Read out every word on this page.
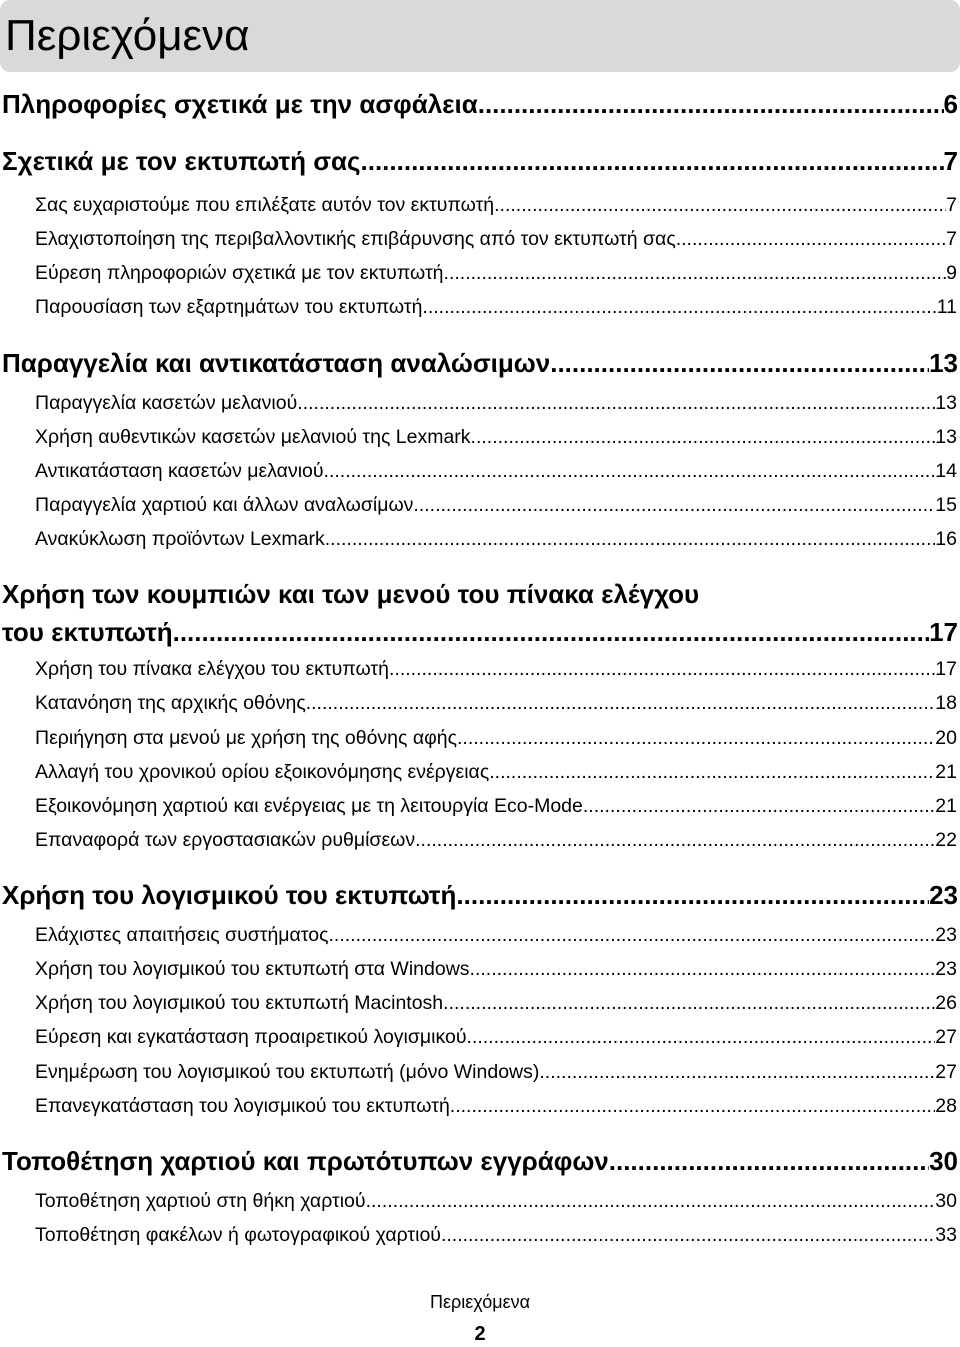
Περιεχόμενα
Πληροφορίες σχετικά με την ασφάλεια .....	6
Σχετικά με τον εκτυπωτή σας .....	7
Σας ευχαριστούμε που επιλέξατε αυτόν τον εκτυπωτή .....	7
Ελαχιστοποίηση της περιβαλλοντικής επιβάρυνσης από τον εκτυπωτή σας .....	7
Εύρεση πληροφοριών σχετικά με τον εκτυπωτή .....	9
Παρουσίαση των εξαρτημάτων του εκτυπωτή .....	11
Παραγγελία και αντικατάσταση αναλώσιμων .....	13
Παραγγελία κασετών μελανιού .....	13
Χρήση αυθεντικών κασετών μελανιού της Lexmark .....	13
Αντικατάσταση κασετών μελανιού .....	14
Παραγγελία χαρτιού και άλλων αναλωσίμων .....	15
Ανακύκλωση προϊόντων Lexmark .....	16
Χρήση των κουμπιών και των μενού του πίνακα ελέγχου
του εκτυπωτή .....	17
Χρήση του πίνακα ελέγχου του εκτυπωτή .....	17
Κατανόηση της αρχικής οθόνης .....	18
Περιήγηση στα μενού με χρήση της οθόνης αφής .....	20
Αλλαγή του χρονικού ορίου εξοικονόμησης ενέργειας .....	21
Εξοικονόμηση χαρτιού και ενέργειας με τη λειτουργία Eco-Mode .....	21
Επαναφορά των εργοστασιακών ρυθμίσεων .....	22
Χρήση του λογισμικού του εκτυπωτή .....	23
Ελάχιστες απαιτήσεις συστήματος .....	23
Χρήση του λογισμικού του εκτυπωτή στα Windows .....	23
Χρήση του λογισμικού του εκτυπωτή Macintosh .....	26
Εύρεση και εγκατάσταση προαιρετικού λογισμικού .....	27
Ενημέρωση του λογισμικού του εκτυπωτή (μόνο Windows) .....	27
Επανεγκατάσταση του λογισμικού του εκτυπωτή .....	28
Τοποθέτηση χαρτιού και πρωτότυπων εγγράφων .....	30
Τοποθέτηση χαρτιού στη θήκη χαρτιού .....	30
Τοποθέτηση φακέλων ή φωτογραφικού χαρτιού .....	33
Περιεχόμενα
2
